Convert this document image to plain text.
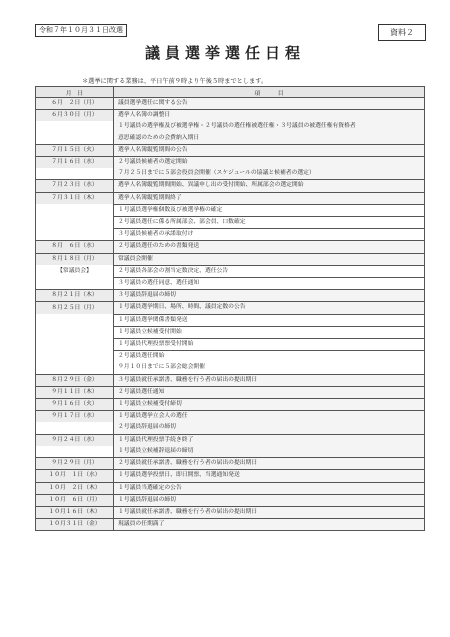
令和７年１０月３１日改選	資料２
議員選挙選任日程
＊選挙に関する業務は、平日午前９時より午後５時までとします。
月　日	項　　　目
６月　２日（月）	議員選挙選任に関する公告
６月３０日（月）	選挙人名簿の調整日
	１号議員の選挙権及び被選挙権・２号議員の選任権被選任権・３号議員の被選任権有資格者
	意思確認のための会費納入期日
７月１５日（火）	選挙人名簿縦覧期間の公告
７月１６日（水）	２号議員候補者の選定開始
	７月２５日までに５部会役員会開催（スケジュールの協議と候補者の選定）
７月２３日（水）	選挙人名簿縦覧期間開始、異議申し出の受付開始、所属部会の選定開始
７月３１日（木）	選挙人名簿縦覧期間終了
	１号議員選挙権個数及び被選挙権の確定
	２号議員選任に係る所属部会、部会員、口数確定
	３号議員候補者の承諾取付け
８月　６日（水）	２号議員選任のための書類発送
８月１８日（月）	常議員会開催
【常議員会】	２号議員各部会の割当定数決定、選任公告
	３号議員の選任同意、選任通知
８月２１日（木）	３号議員辞退届の締切
８月２５日（月）	１号議員選挙期日、場所、時間、議員定数の公告
	１号議員選挙関係書類発送
	１号議員立候補受付開始
	１号議員代理投票票受付開始
	２号議員選任開始
	９月１０日までに５部会総会開催
８月２９日（金）	３号議員就任承諾書、職務を行う者の届出の提出期日
９月１１日（木）	２号議員選任通知
９月１６日（火）	１号議員立候補受付締切
９月１７日（水）	１号議員選挙立会人の選任
	２号議員辞退届の締切
９月２４日（水）	１号議員代理投票手続き終了
	１号議員立候補辞退届の締切
９月２９日（月）	２号議員就任承諾書、職務を行う者の届出の提出期日
１０月　１日（水）	１号議員選挙投票日、即日開票、当選通知発送
１０月　２日（木）	１号議員当選確定の公告
１０月　６日（月）	１号議員辞退届の締切
１０月１６日（木）	１号議員就任承諾書、職務を行う者の届出の提出期日
１０月３１日（金）	現議員の任期満了
